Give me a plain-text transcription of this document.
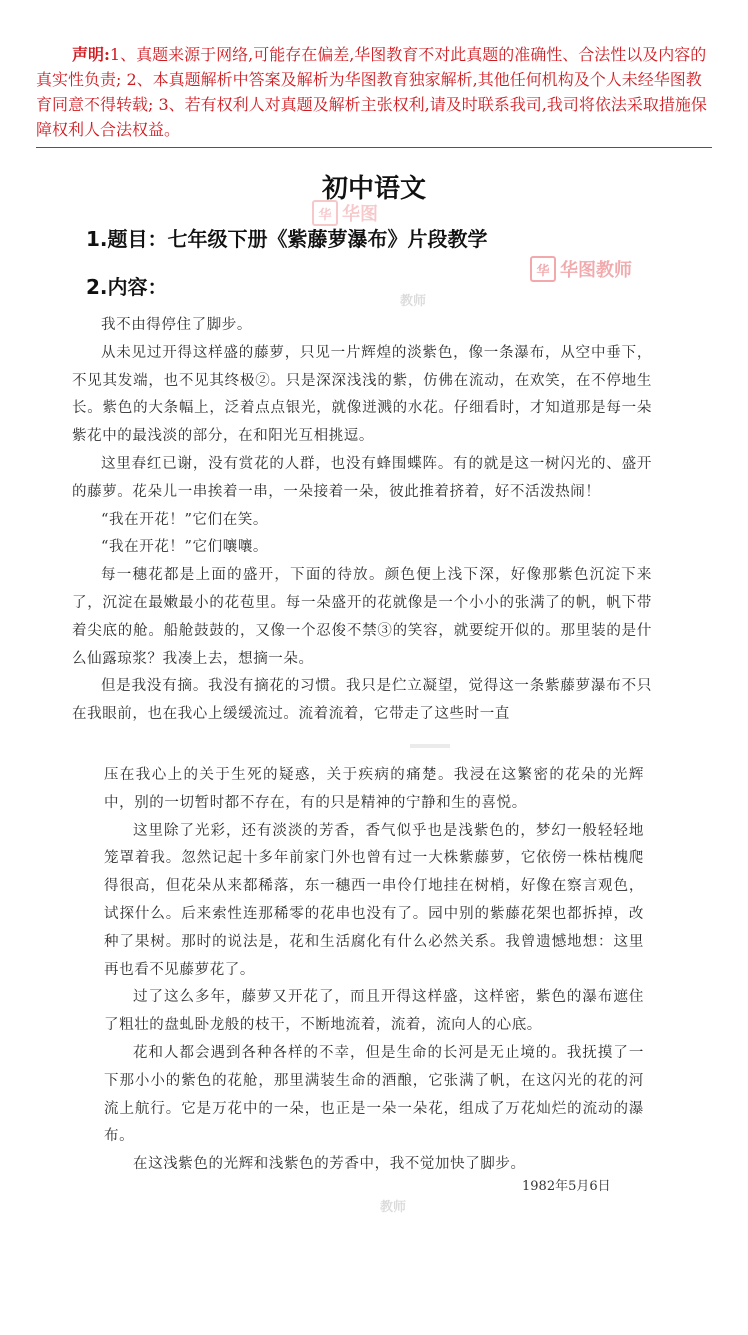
声明:1、真题来源于网络,可能存在偏差,华图教育不对此真题的准确性、合法性以及内容的真实性负责; 2、本真题解析中答案及解析为华图教育独家解析,其他任何机构及个人未经华图教育同意不得转载; 3、若有权利人对真题及解析主张权利,请及时联系我司,我司将依法采取措施保障权利人合法权益。
初中语文
1.题目：七年级下册《紫藤萝瀑布》片段教学
2.内容：
华 华图
华 华图教师
教师
教师

我不由得停住了脚步。

从未见过开得这样盛的藤萝，只见一片辉煌的淡紫色，像一条瀑布，从空中垂下，不见其发端，也不见其终极②。只是深深浅浅的紫，仿佛在流动，在欢笑，在不停地生长。紫色的大条幅上，泛着点点银光，就像迸溅的水花。仔细看时，才知道那是每一朵紫花中的最浅淡的部分，在和阳光互相挑逗。

这里春红已谢，没有赏花的人群，也没有蜂围蝶阵。有的就是这一树闪光的、盛开的藤萝。花朵儿一串挨着一串，一朵接着一朵，彼此推着挤着，好不活泼热闹！

“我在开花！”它们在笑。

“我在开花！”它们嚷嚷。

每一穗花都是上面的盛开，下面的待放。颜色便上浅下深，好像那紫色沉淀下来了，沉淀在最嫩最小的花苞里。每一朵盛开的花就像是一个小小的张满了的帆，帆下带着尖底的舱。船舱鼓鼓的，又像一个忍俊不禁③的笑容，就要绽开似的。那里装的是什么仙露琼浆？我凑上去，想摘一朵。

但是我没有摘。我没有摘花的习惯。我只是伫立凝望，觉得这一条紫藤萝瀑布不只在我眼前，也在我心上缓缓流过。流着流着，它带走了这些时一直

压在我心上的关于生死的疑惑，关于疾病的痛楚。我浸在这繁密的花朵的光辉中，别的一切暂时都不存在，有的只是精神的宁静和生的喜悦。

这里除了光彩，还有淡淡的芳香，香气似乎也是浅紫色的，梦幻一般轻轻地笼罩着我。忽然记起十多年前家门外也曾有过一大株紫藤萝，它依傍一株枯槐爬得很高，但花朵从来都稀落，东一穗西一串伶仃地挂在树梢，好像在察言观色，试探什么。后来索性连那稀零的花串也没有了。园中别的紫藤花架也都拆掉，改种了果树。那时的说法是，花和生活腐化有什么必然关系。我曾遗憾地想：这里再也看不见藤萝花了。

过了这么多年，藤萝又开花了，而且开得这样盛，这样密，紫色的瀑布遮住了粗壮的盘虬卧龙般的枝干，不断地流着，流着，流向人的心底。

花和人都会遇到各种各样的不幸，但是生命的长河是无止境的。我抚摸了一下那小小的紫色的花舱，那里满装生命的酒酿，它张满了帆，在这闪光的花的河流上航行。它是万花中的一朵，也正是一朵一朵花，组成了万花灿烂的流动的瀑布。

在这浅紫色的光辉和浅紫色的芳香中，我不觉加快了脚步。

1982年5月6日
